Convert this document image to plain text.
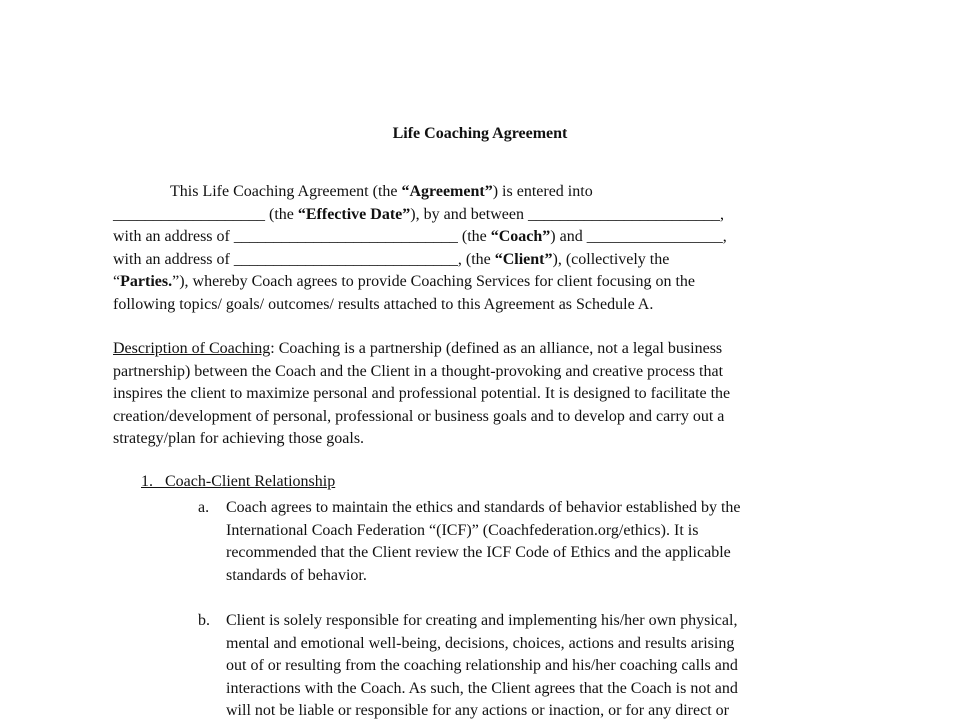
Life Coaching Agreement
This Life Coaching Agreement (the “Agreement”) is entered into
___________________ (the “Effective Date”), by and between ________________________,
with an address of ____________________________ (the “Coach”) and _________________,
with an address of ____________________________, (the “Client”), (collectively the
“Parties.”), whereby Coach agrees to provide Coaching Services for client focusing on the
following topics/ goals/ outcomes/ results attached to this Agreement as Schedule A.
Description of Coaching: Coaching is a partnership (defined as an alliance, not a legal business
partnership) between the Coach and the Client in a thought-provoking and creative process that
inspires the client to maximize personal and professional potential. It is designed to facilitate the
creation/development of personal, professional or business goals and to develop and carry out a
strategy/plan for achieving those goals.
1. Coach-Client Relationship
a. Coach agrees to maintain the ethics and standards of behavior established by the
International Coach Federation “(ICF)” (Coachfederation.org/ethics). It is
recommended that the Client review the ICF Code of Ethics and the applicable
standards of behavior.
b. Client is solely responsible for creating and implementing his/her own physical,
mental and emotional well-being, decisions, choices, actions and results arising
out of or resulting from the coaching relationship and his/her coaching calls and
interactions with the Coach. As such, the Client agrees that the Coach is not and
will not be liable or responsible for any actions or inaction, or for any direct or
